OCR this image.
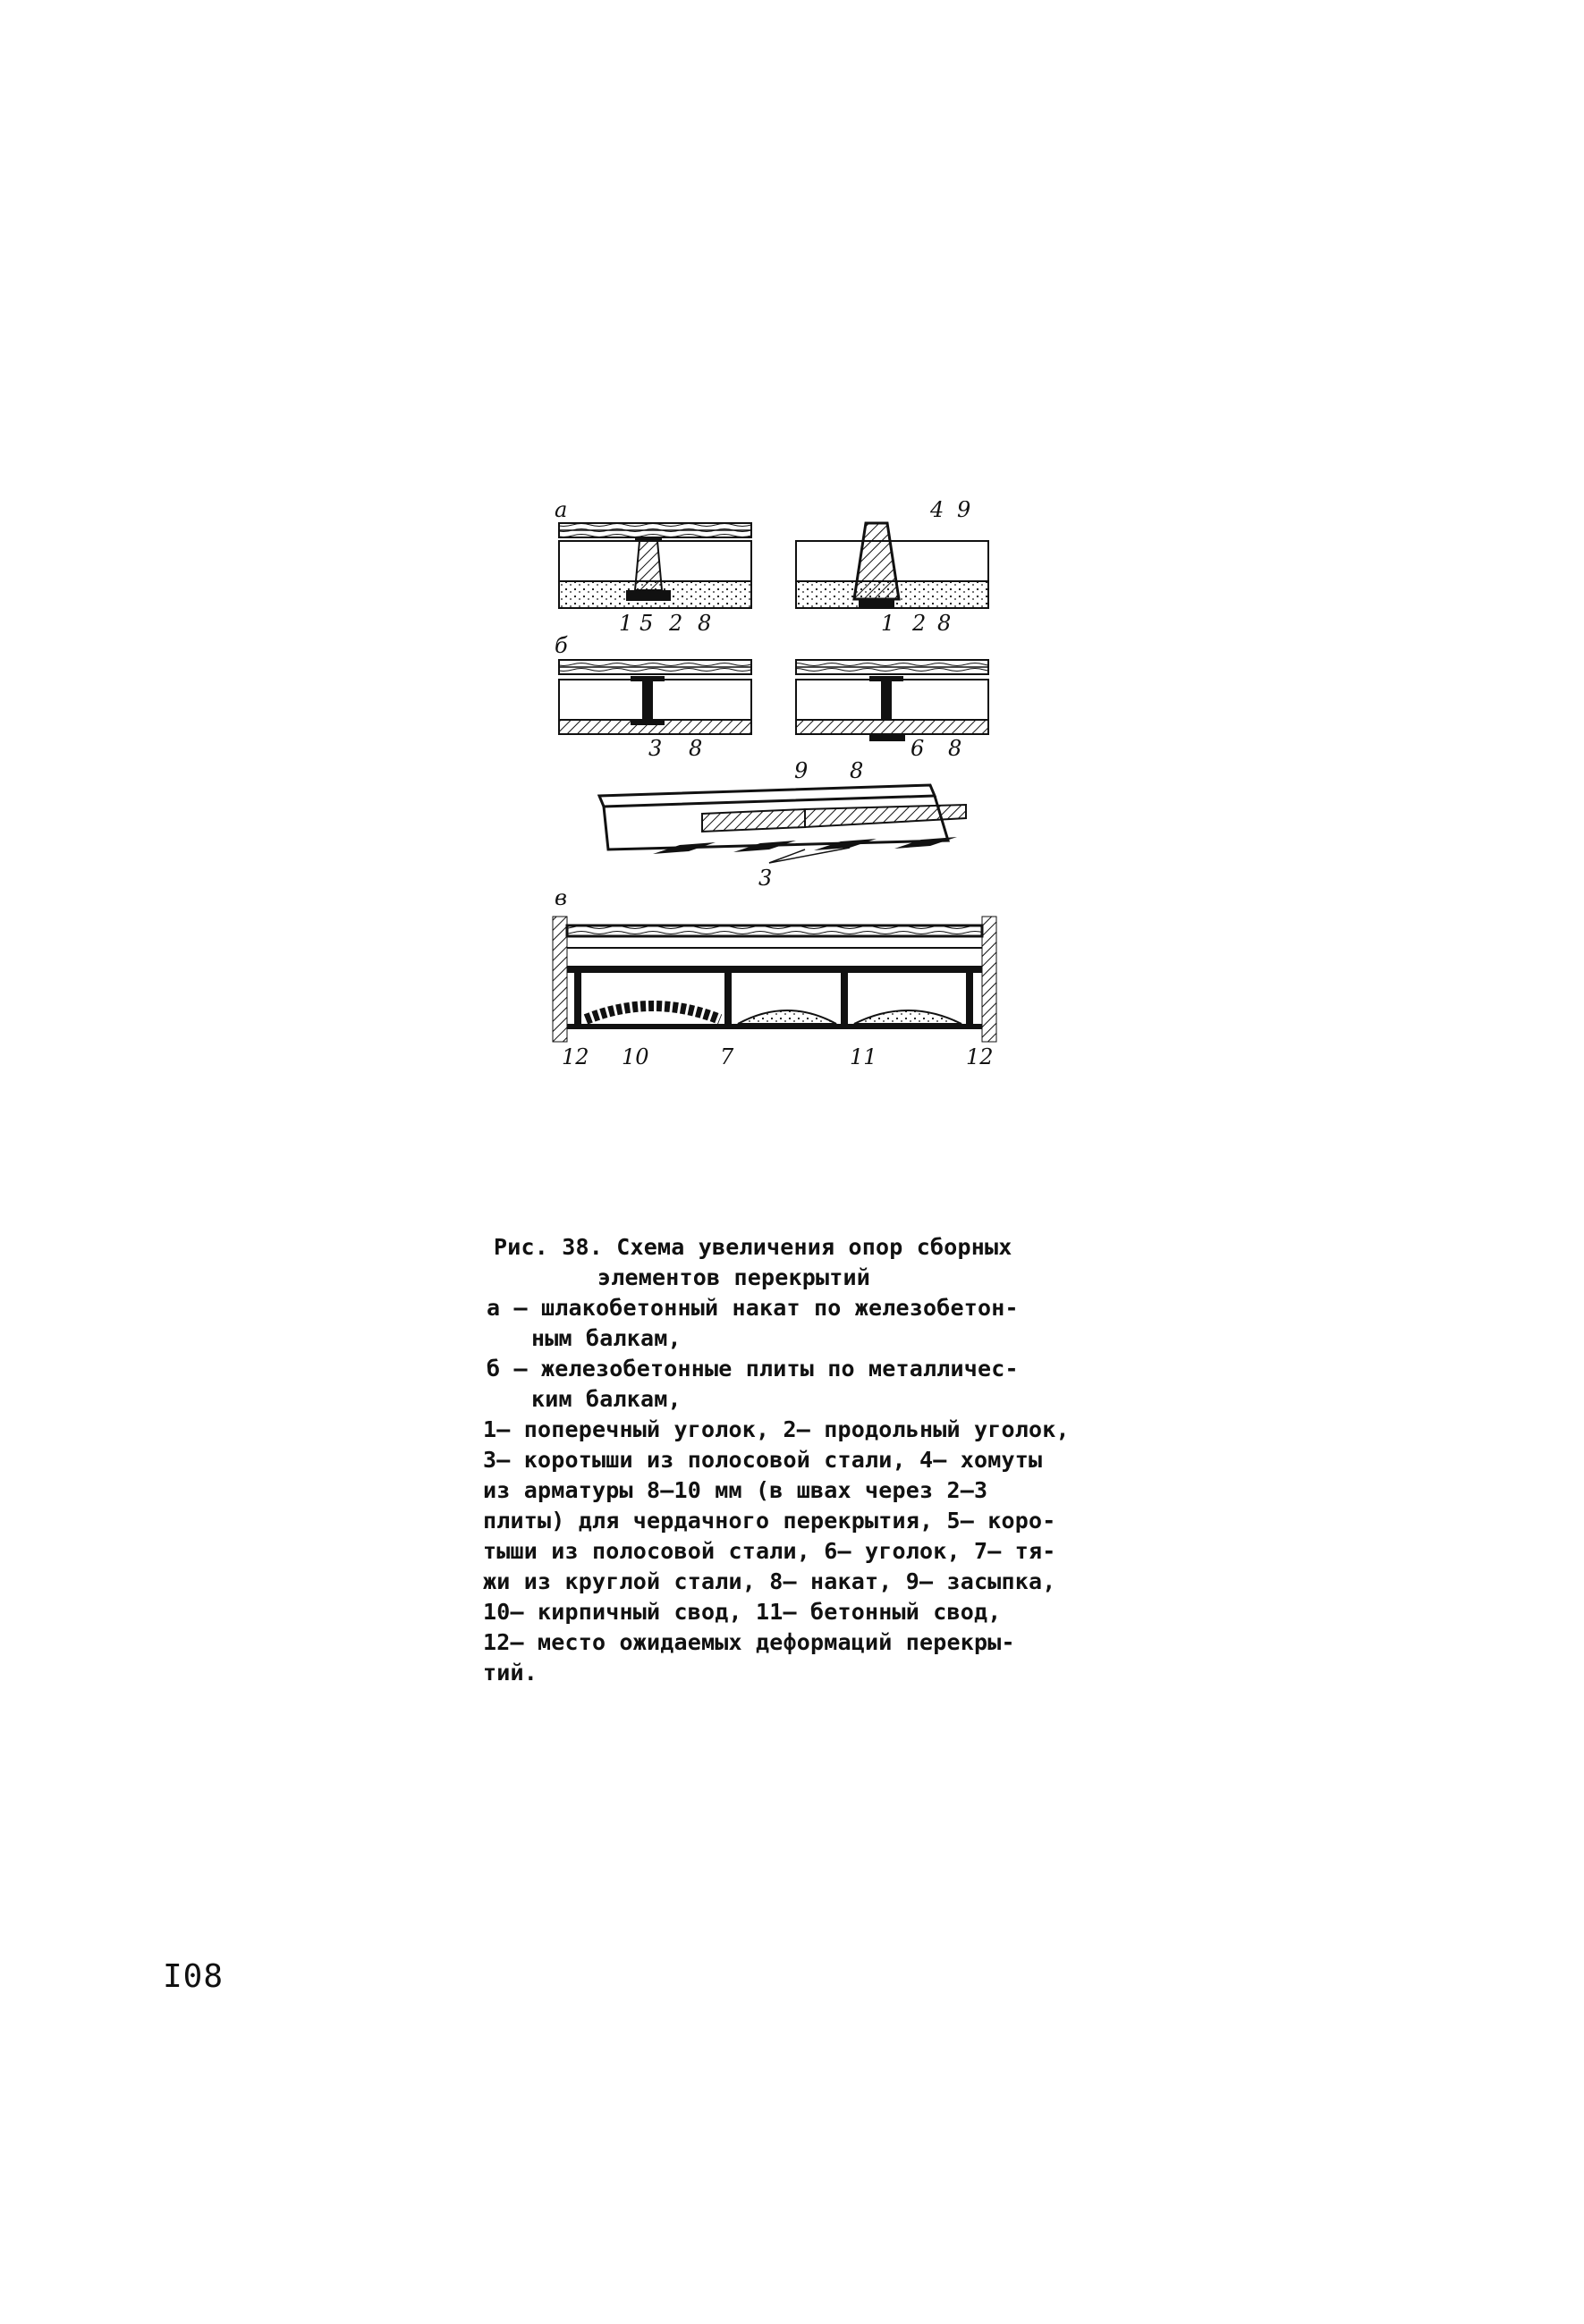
а
1 5 2 8
4 9
1 2 8
б
3 8	6 8
9 8
3
в
12 10	7	11	12
Рис. 38. Схема увеличения опор сборных
элементов перекрытий
а – шлакобетонный накат по железобетон-
ным балкам,
б – железобетонные плиты по металличес-
ким балкам,
1– поперечный уголок, 2– продольный уголок,
3– коротыши из полосовой стали, 4– хомуты
из арматуры 8–10 мм (в швах через 2–3
плиты) для чердачного перекрытия, 5– коро-
тыши из полосовой стали, 6– уголок, 7– тя-
жи из круглой стали, 8– накат, 9– засыпка,
10– кирпичный свод, 11– бетонный свод,
12– место ожидаемых деформаций перекры-
тий.
I08
